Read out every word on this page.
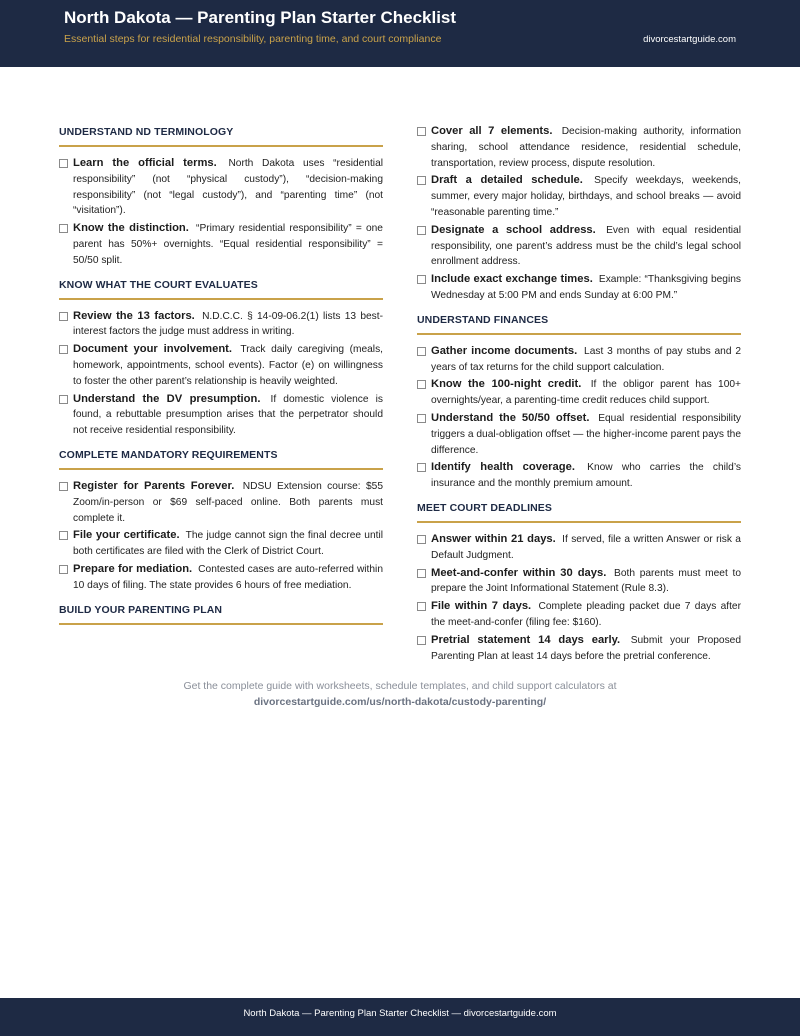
North Dakota — Parenting Plan Starter Checklist
Essential steps for residential responsibility, parenting time, and court compliance	divorcestartguide.com
UNDERSTAND ND TERMINOLOGY
Learn the official terms. North Dakota uses “residential responsibility” (not “physical custody”), “decision-making responsibility” (not “legal custody”), and “parenting time” (not “visitation”).
Know the distinction. “Primary residential responsibility” = one parent has 50%+ overnights. “Equal residential responsibility” = 50/50 split.
KNOW WHAT THE COURT EVALUATES
Review the 13 factors. N.D.C.C. § 14-09-06.2(1) lists 13 best-interest factors the judge must address in writing.
Document your involvement. Track daily caregiving (meals, homework, appointments, school events). Factor (e) on willingness to foster the other parent’s relationship is heavily weighted.
Understand the DV presumption. If domestic violence is found, a rebuttable presumption arises that the perpetrator should not receive residential responsibility.
COMPLETE MANDATORY REQUIREMENTS
Register for Parents Forever. NDSU Extension course: $55 Zoom/in-person or $69 self-paced online. Both parents must complete it.
File your certificate. The judge cannot sign the final decree until both certificates are filed with the Clerk of District Court.
Prepare for mediation. Contested cases are auto-referred within 10 days of filing. The state provides 6 hours of free mediation.
BUILD YOUR PARENTING PLAN
Cover all 7 elements. Decision-making authority, information sharing, school attendance residence, residential schedule, transportation, review process, dispute resolution.
Draft a detailed schedule. Specify weekdays, weekends, summer, every major holiday, birthdays, and school breaks — avoid “reasonable parenting time.”
Designate a school address. Even with equal residential responsibility, one parent’s address must be the child’s legal school enrollment address.
Include exact exchange times. Example: “Thanksgiving begins Wednesday at 5:00 PM and ends Sunday at 6:00 PM.”
UNDERSTAND FINANCES
Gather income documents. Last 3 months of pay stubs and 2 years of tax returns for the child support calculation.
Know the 100-night credit. If the obligor parent has 100+ overnights/year, a parenting-time credit reduces child support.
Understand the 50/50 offset. Equal residential responsibility triggers a dual-obligation offset — the higher-income parent pays the difference.
Identify health coverage. Know who carries the child’s insurance and the monthly premium amount.
MEET COURT DEADLINES
Answer within 21 days. If served, file a written Answer or risk a Default Judgment.
Meet-and-confer within 30 days. Both parents must meet to prepare the Joint Informational Statement (Rule 8.3).
File within 7 days. Complete pleading packet due 7 days after the meet-and-confer (filing fee: $160).
Pretrial statement 14 days early. Submit your Proposed Parenting Plan at least 14 days before the pretrial conference.
Get the complete guide with worksheets, schedule templates, and child support calculators at
divorcestartguide.com/us/north-dakota/custody-parenting/
North Dakota — Parenting Plan Starter Checklist — divorcestartguide.com
